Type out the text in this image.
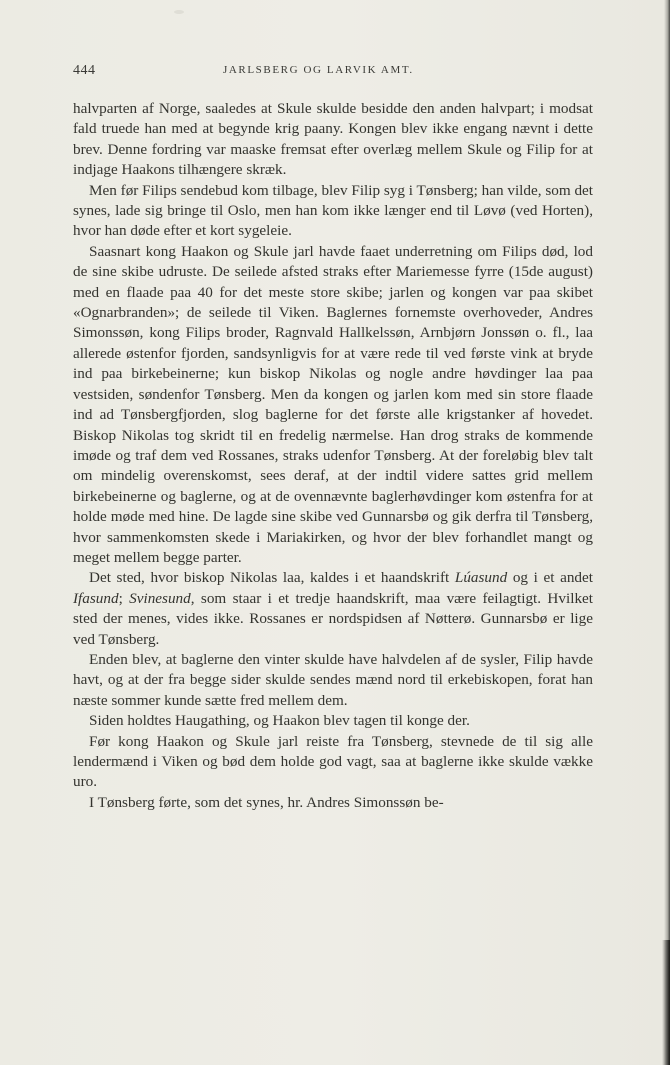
444	JARLSBERG OG LARVIK AMT.

halvparten af Norge, saaledes at Skule skulde besidde den anden halvpart; i modsat fald truede han med at begynde krig paany. Kongen blev ikke engang nævnt i dette brev. Denne fordring var maaske fremsat efter overlæg mellem Skule og Filip for at indjage Haakons tilhængere skræk.

Men før Filips sendebud kom tilbage, blev Filip syg i Tønsberg; han vilde, som det synes, lade sig bringe til Oslo, men han kom ikke længer end til Løvø (ved Horten), hvor han døde efter et kort sygeleie.

Saasnart kong Haakon og Skule jarl havde faaet underretning om Filips død, lod de sine skibe udruste. De seilede afsted straks efter Mariemesse fyrre (15de august) med en flaade paa 40 for det meste store skibe; jarlen og kongen var paa skibet «Ognarbranden»; de seilede til Viken. Baglernes fornemste overhoveder, Andres Simonssøn, kong Filips broder, Ragnvald Hallkelssøn, Arnbjørn Jonssøn o. fl., laa allerede østenfor fjorden, sandsynligvis for at være rede til ved første vink at bryde ind paa birkebeinerne; kun biskop Nikolas og nogle andre høvdinger laa paa vestsiden, søndenfor Tønsberg. Men da kongen og jarlen kom med sin store flaade ind ad Tønsbergfjorden, slog baglerne for det første alle krigstanker af hovedet. Biskop Nikolas tog skridt til en fredelig nærmelse. Han drog straks de kommende imøde og traf dem ved Rossanes, straks udenfor Tønsberg. At der foreløbig blev talt om mindelig overenskomst, sees deraf, at der indtil videre sattes grid mellem birkebeinerne og baglerne, og at de ovennævnte baglerhøvdinger kom østenfra for at holde møde med hine. De lagde sine skibe ved Gunnarsbø og gik derfra til Tønsberg, hvor sammenkomsten skede i Mariakirken, og hvor der blev forhandlet mangt og meget mellem begge parter.

Det sted, hvor biskop Nikolas laa, kaldes i et haandskrift Lúasund og i et andet Ifasund; Svinesund, som staar i et tredje haandskrift, maa være feilagtigt. Hvilket sted der menes, vides ikke. Rossanes er nordspidsen af Nøtterø. Gunnarsbø er lige ved Tønsberg.

Enden blev, at baglerne den vinter skulde have halvdelen af de sysler, Filip havde havt, og at der fra begge sider skulde sendes mænd nord til erkebiskopen, forat han næste sommer kunde sætte fred mellem dem.

Siden holdtes Haugathing, og Haakon blev tagen til konge der.

Før kong Haakon og Skule jarl reiste fra Tønsberg, stevnede de til sig alle lendermænd i Viken og bød dem holde god vagt, saa at baglerne ikke skulde vække uro.

I Tønsberg førte, som det synes, hr. Andres Simonssøn be-
